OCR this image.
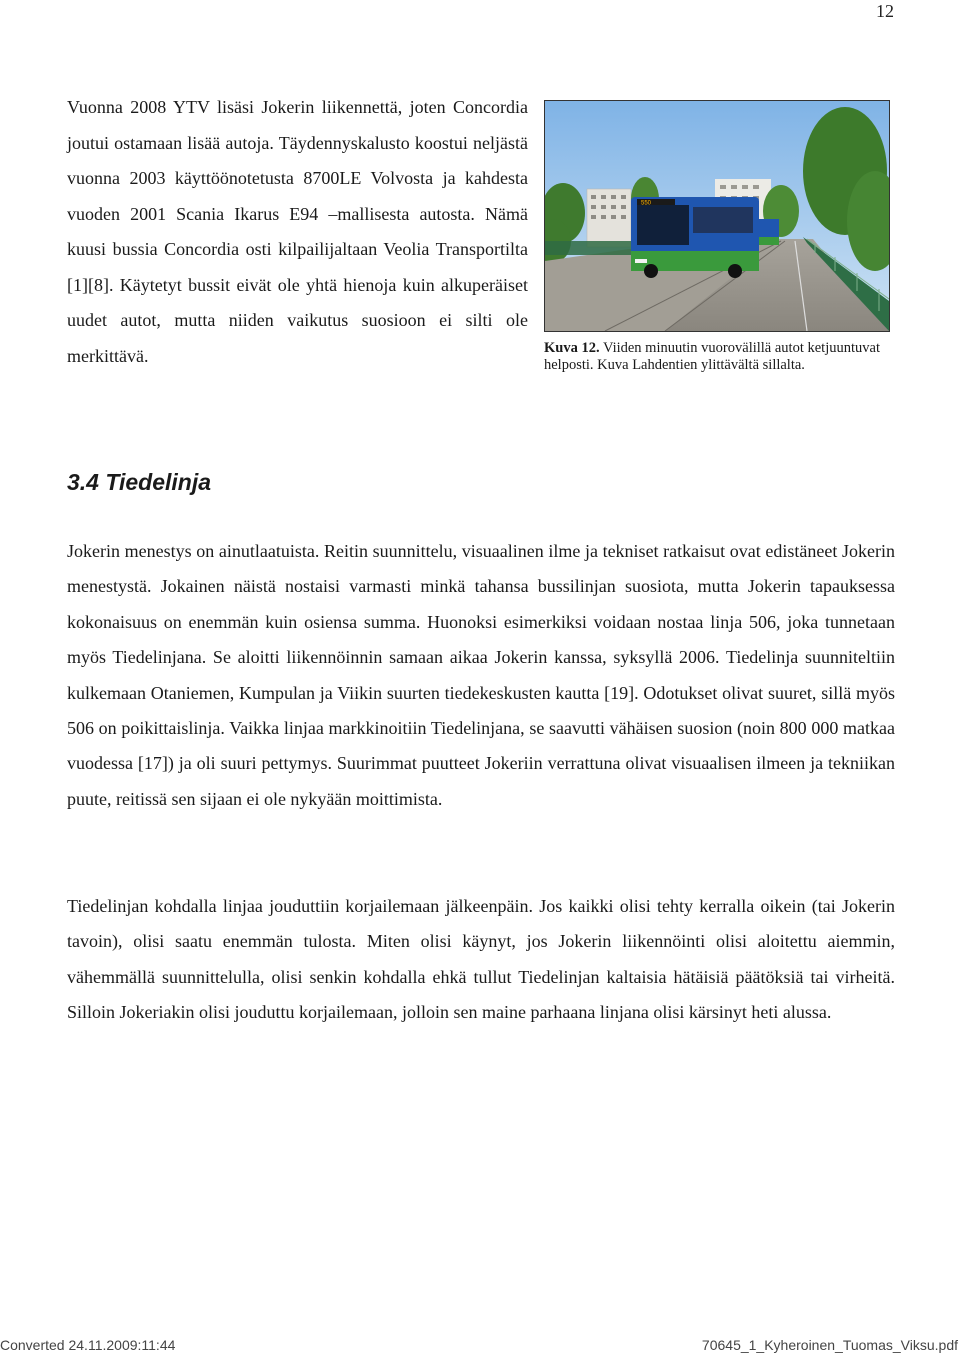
12

Vuonna 2008 YTV lisäsi Jokerin liikennettä, joten Concordia joutui ostamaan lisää autoja. Täydennyskalusto koostui neljästä vuonna 2003 käyttöönotetusta 8700LE Volvosta ja kahdesta vuoden 2001 Scania Ikarus E94 –mallisesta autosta. Nämä kuusi bussia Concordia osti kilpailijaltaan Veolia Transportilta [1][8]. Käytetyt bussit eivät ole yhtä hienoja kuin alkuperäiset uudet autot, mutta niiden vaikutus suosioon ei silti ole merkittävä.

550
Kuva 12. Viiden minuutin vuorovälillä autot ketjuuntuvat helposti. Kuva Lahdentien ylittävältä sillalta.
3.4 Tiedelinja

Jokerin menestys on ainutlaatuista. Reitin suunnittelu, visuaalinen ilme ja tekniset ratkaisut ovat edistäneet Jokerin menestystä. Jokainen näistä nostaisi varmasti minkä tahansa bussilinjan suosiota, mutta Jokerin tapauksessa kokonaisuus on enemmän kuin osiensa summa. Huonoksi esimerkiksi voidaan nostaa linja 506, joka tunnetaan myös Tiedelinjana. Se aloitti liikennöinnin samaan aikaa Jokerin kanssa, syksyllä 2006. Tiedelinja suunniteltiin kulkemaan Otaniemen, Kumpulan ja Viikin suurten tiedekeskusten kautta [19]. Odotukset olivat suuret, sillä myös 506 on poikittaislinja. Vaikka linjaa markkinoitiin Tiedelinjana, se saavutti vähäisen suosion (noin 800 000 matkaa vuodessa [17]) ja oli suuri pettymys. Suurimmat puutteet Jokeriin verrattuna olivat visuaalisen ilmeen ja tekniikan puute, reitissä sen sijaan ei ole nykyään moittimista.

Tiedelinjan kohdalla linjaa jouduttiin korjailemaan jälkeenpäin. Jos kaikki olisi tehty kerralla oikein (tai Jokerin tavoin), olisi saatu enemmän tulosta. Miten olisi käynyt, jos Jokerin liikennöinti olisi aloitettu aiemmin, vähemmällä suunnittelulla, olisi senkin kohdalla ehkä tullut Tiedelinjan kaltaisia hätäisiä päätöksiä tai virheitä. Silloin Jokeriakin olisi jouduttu korjailemaan, jolloin sen maine parhaana linjana olisi kärsinyt heti alussa.

Converted 24.11.2009:11:44	70645_1_Kyheroinen_Tuomas_Viksu.pdf
